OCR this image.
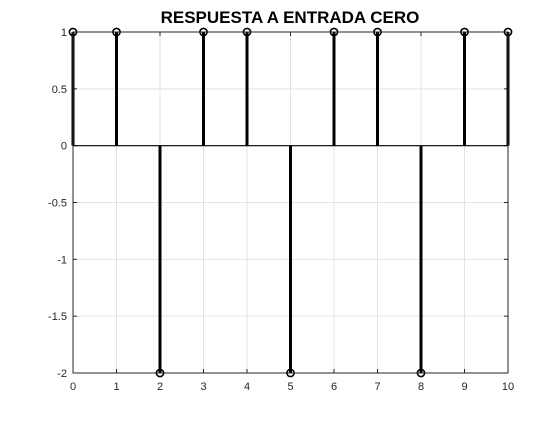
0	1	2	3	4	5	6	7	8	9	10
-2
-1.5
-1
-0.5
0
0.5
1
RESPUESTA A ENTRADA CERO
